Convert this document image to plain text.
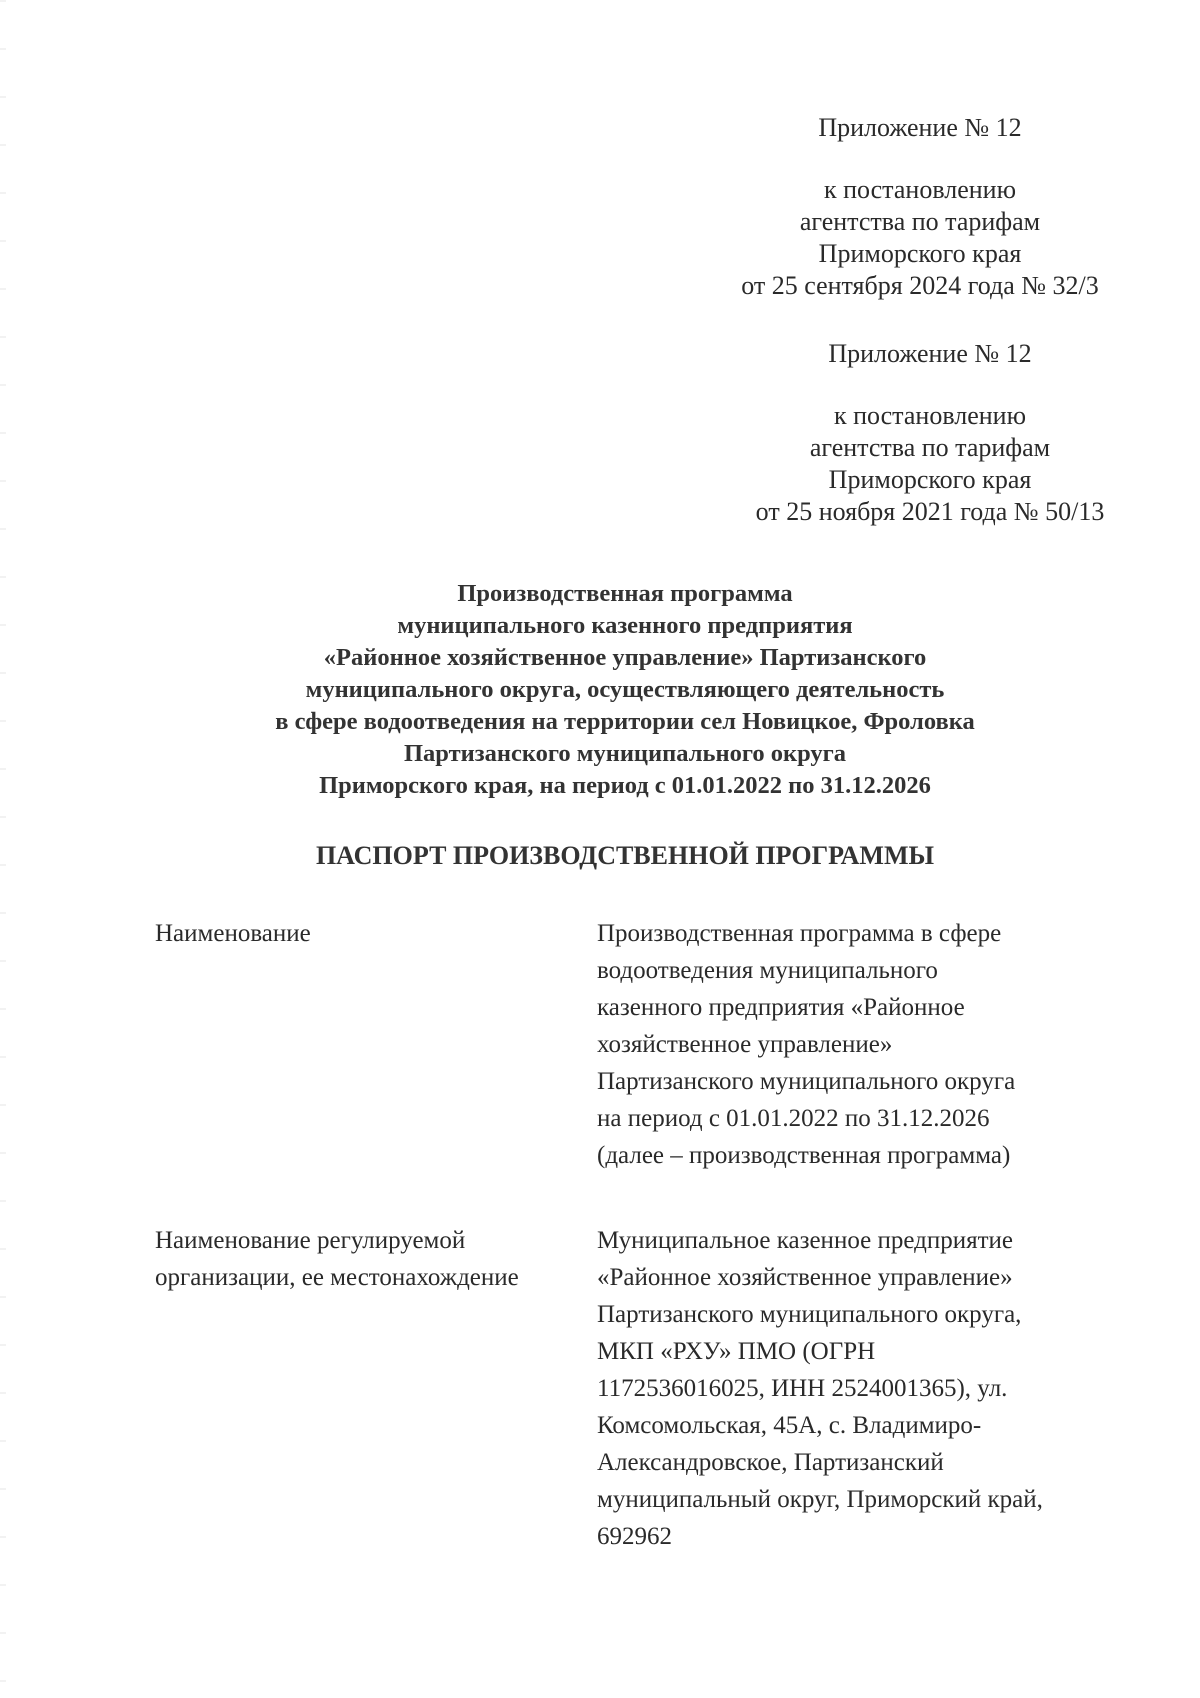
Приложение № 12
к постановлению
агентства по тарифам
Приморского края
от 25 сентября 2024 года № 32/3
Приложение № 12
к постановлению
агентства по тарифам
Приморского края
от 25 ноября 2021 года № 50/13
Производственная программа
муниципального казенного предприятия
«Районное хозяйственное управление» Партизанского
муниципального округа, осуществляющего деятельность
в сфере водоотведения на территории сел Новицкое, Фроловка
Партизанского муниципального округа
Приморского края, на период с 01.01.2022 по 31.12.2026
ПАСПОРТ ПРОИЗВОДСТВЕННОЙ ПРОГРАММЫ
Наименование	Производственная программа в сфере
водоотведения муниципального
казенного предприятия «Районное
хозяйственное управление»
Партизанского муниципального округа
на период с 01.01.2022 по 31.12.2026
(далее – производственная программа)
Наименование регулируемой
организации, ее местонахождение
Муниципальное казенное предприятие
«Районное хозяйственное управление»
Партизанского муниципального округа,
МКП «РХУ» ПМО (ОГРН
1172536016025, ИНН 2524001365), ул.
Комсомольская, 45А, с. Владимиро-
Александровское, Партизанский
муниципальный округ, Приморский край,
692962
